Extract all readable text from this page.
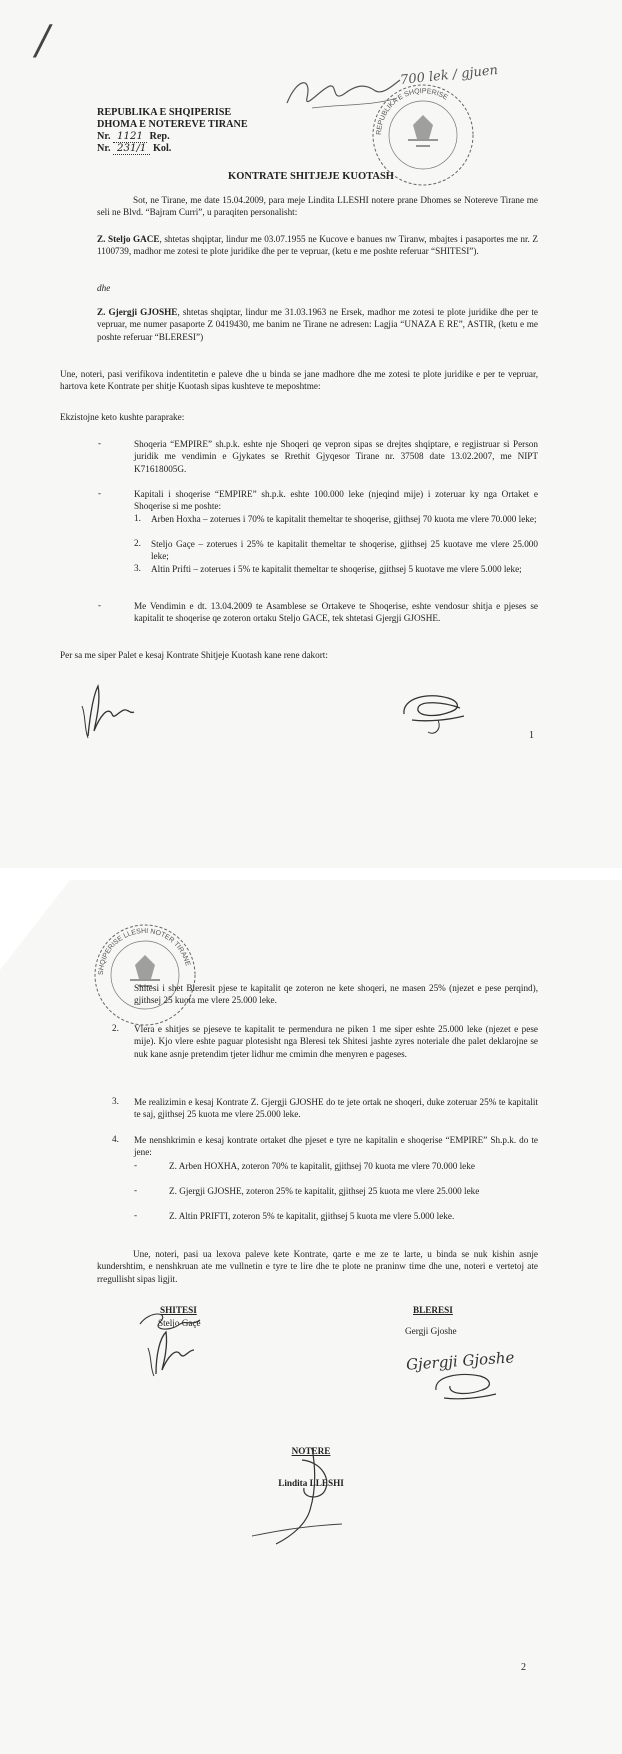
/
REPUBLIKA E SHQIPERISE
DHOMA E NOTEREVE TIRANE
Nr. 1121 Rep.
Nr. 231/1 Kol.
700 lek / gjuen
REPUBLIKA E SHQIPERISE
KONTRATE SHITJEJE KUOTASH
Sot, ne Tirane, me date 15.04.2009, para meje Lindita LLESHI notere prane Dhomes se Notereve Tirane me seli ne Blvd. “Bajram Curri”, u paraqiten personalisht:
Z. Steljo GACE, shtetas shqiptar, lindur me 03.07.1955 ne Kucove e banues nw Tiranw, mbajtes i pasaportes me nr. Z 1100739, madhor me zotesi te plote juridike dhe per te vepruar, (ketu e me poshte referuar “SHITESI”).
dhe
Z. Gjergji GJOSHE, shtetas shqiptar, lindur me 31.03.1963 ne Ersek, madhor me zotesi te plote juridike dhe per te vepruar, me numer pasaporte Z 0419430, me banim ne Tirane ne adresen: Lagjia “UNAZA E RE”, ASTIR, (ketu e me poshte referuar “BLERESI”)
Une, noteri, pasi verifikova indentitetin e paleve dhe u binda se jane madhore dhe me zotesi te plote juridike e per te vepruar, hartova kete Kontrate per shitje Kuotash sipas kushteve te meposhtme:
Ekzistojne keto kushte paraprake:
-	Shoqeria “EMPIRE” sh.p.k. eshte nje Shoqeri qe vepron sipas se drejtes shqiptare, e regjistruar si Person juridik me vendimin e Gjykates se Rrethit Gjyqesor Tirane nr. 37508 date 13.02.2007, me NIPT K71618005G.
-	Kapitali i shoqerise “EMPIRE” sh.p.k. eshte 100.000 leke (njeqind mije) i zoteruar ky nga Ortaket e Shoqerise si me poshte:
1. Arben Hoxha – zoterues i 70% te kapitalit themeltar te shoqerise, gjithsej 70 kuota me vlere 70.000 leke;
2. Steljo Gaçe – zoterues i 25% te kapitalit themeltar te shoqerise, gjithsej 25 kuotave me vlere 25.000 leke;
3. Altin Prifti – zoterues i 5% te kapitalit themeltar te shoqerise, gjithsej 5 kuotave me vlere 5.000 leke;
-	Me Vendimin e dt. 13.04.2009 te Asamblese se Ortakeve te Shoqerise, eshte vendosur shitja e pjeses se kapitalit te shoqerise qe zoteron ortaku Steljo GACE, tek shtetasi Gjergji GJOSHE.
Per sa me siper Palet e kesaj Kontrate Shitjeje Kuotash kane rene dakort:
1
SHQIPERISE LLESHI NOTER TIRANE
Shitesi i shet Bleresit pjese te kapitalit qe zoteron ne kete shoqeri, ne masen 25% (njezet e pese perqind), gjithsej 25 kuota me vlere 25.000 leke.
2. Vlera e shitjes se pjeseve te kapitalit te permendura ne piken 1 me siper eshte 25.000 leke (njezet e pese mije). Kjo vlere eshte paguar plotesisht nga Bleresi tek Shitesi jashte zyres noteriale dhe palet deklarojne se nuk kane asnje pretendim tjeter lidhur me cmimin dhe menyren e pageses.
3. Me realizimin e kesaj Kontrate Z. Gjergji GJOSHE do te jete ortak ne shoqeri, duke zoteruar 25% te kapitalit te saj, gjithsej 25 kuota me vlere 25.000 leke.
4. Me nenshkrimin e kesaj kontrate ortaket dhe pjeset e tyre ne kapitalin e shoqerise “EMPIRE” Sh.p.k. do te jene:
-	Z. Arben HOXHA, zoteron 70% te kapitalit, gjithsej 70 kuota me vlere 70.000 leke
-	Z. Gjergji GJOSHE, zoteron 25% te kapitalit, gjithsej 25 kuota me vlere 25.000 leke
-	Z. Altin PRIFTI, zoteron 5% te kapitalit, gjithsej 5 kuota me vlere 5.000 leke.
Une, noteri, pasi ua lexova paleve kete Kontrate, qarte e me ze te larte, u binda se nuk kishin asnje kundershtim, e nenshkruan ate me vullnetin e tyre te lire dhe te plote ne praninw time dhe une, noteri e vertetoj ate rregullisht sipas ligjit.
SHITESI
Steljo Gaçe
BLERESI
Gergji Gjoshe
Gjergji Gjoshe
NOTERE
Lindita LLESHI
2
